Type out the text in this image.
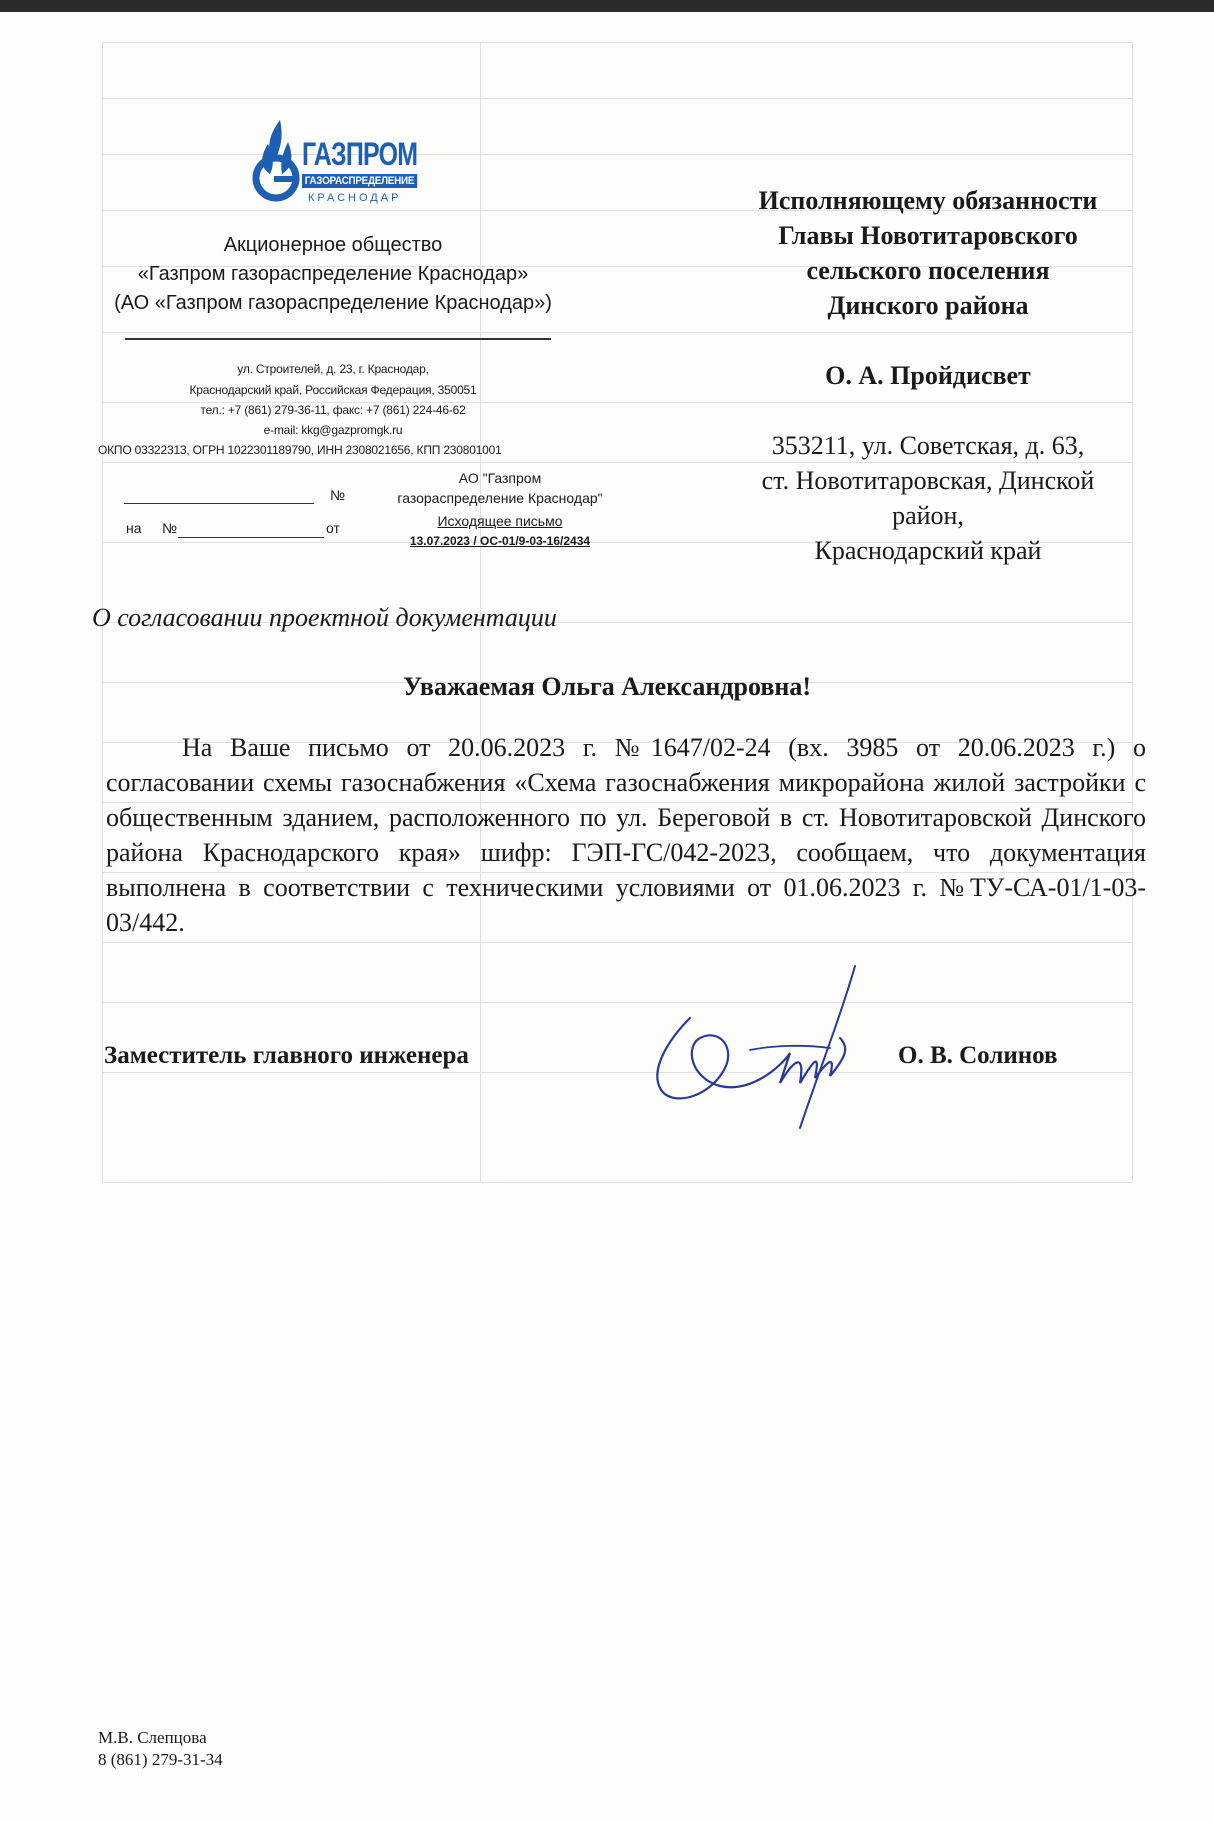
ГАЗПРОМ
ГАЗОРАСПРЕДЕЛЕНИЕ
КРАСНОДАР
Акционерное общество
«Газпром газораспределение Краснодар»
(АО «Газпром газораспределение Краснодар»)
ул. Строителей, д. 23, г. Краснодар,
Краснодарский край, Российская Федерация, 350051
тел.: +7 (861) 279-36-11, факс: +7 (861) 224-46-62
e-mail: kkg@gazpromgk.ru
ОКПО 03322313, ОГРН 1022301189790, ИНН 2308021656, КПП 230801001
№
на №	от
АО "Газпром
газораспределение Краснодар"
Исходящее письмо
13.07.2023 / ОС-01/9-03-16/2434
Исполняющему обязанности
Главы Новотитаровского
сельского поселения
Динского района
О. А. Пройдисвет
353211, ул. Советская, д. 63,
ст. Новотитаровская, Динской
район,
Краснодарский край
О согласовании проектной документации
Уважаемая Ольга Александровна!
На Ваше письмо от 20.06.2023 г. №1647/02-24 (вх. 3985 от 20.06.2023 г.) о согласовании схемы газоснабжения «Схема газоснабжения микрорайона жилой застройки с общественным зданием, расположенного по ул. Береговой в ст. Новотитаровской Динского района Краснодарского края» шифр: ГЭП-ГС/042-2023, сообщаем, что документация выполнена в соответствии с техническими условиями от 01.06.2023 г. №ТУ-СА-01/1-03-03/442.
Заместитель главного инженера	О. В. Солинов
М.В. Слепцова
8 (861) 279-31-34
